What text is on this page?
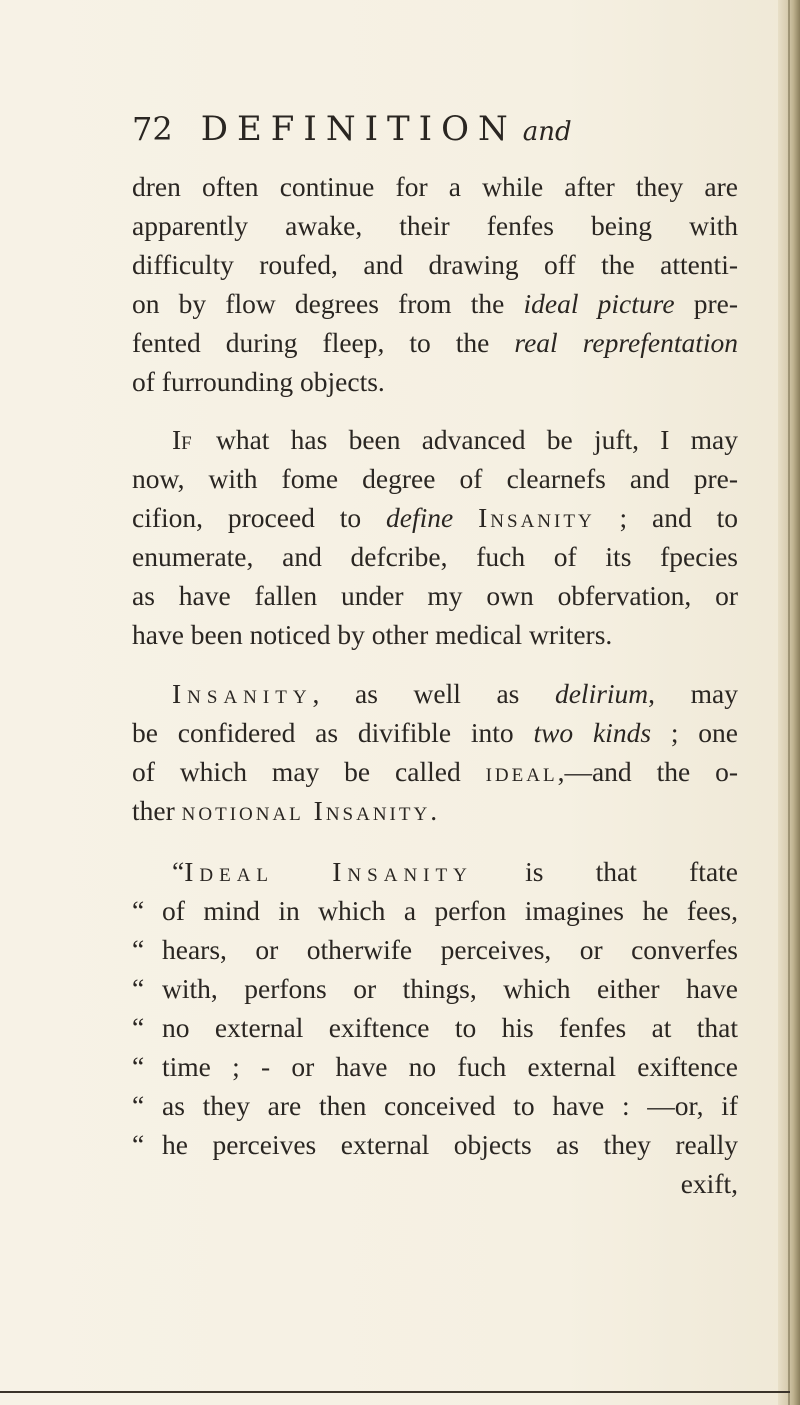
72 DEFINITION and
dren often continue for a while after they are
apparently awake, their fenfes being with
difficulty roufed, and drawing off the attenti-
on by flow degrees from the ideal picture pre-
fented during fleep, to the real reprefentation
of furrounding objects.
If what has been advanced be juft, I may
now, with fome degree of clearnefs and pre-
cifion, proceed to define Insanity ; and to
enumerate, and defcribe, fuch of its fpecies
as have fallen under my own obfervation, or
have been noticed by other medical writers.
Insanity, as well as delirium, may
be confidered as divifible into two kinds ; one
of which may be called ideal,—and the o-
ther notional Insanity.
“Ideal Insanity is that ftate
“ of mind in which a perfon imagines he fees,
“ hears, or otherwife perceives, or converfes
“ with, perfons or things, which either have
“ no external exiftence to his fenfes at that
“ time ; - or have no fuch external exiftence
“ as they are then conceived to have : —or, if
“ he perceives external objects as they really
exift,
